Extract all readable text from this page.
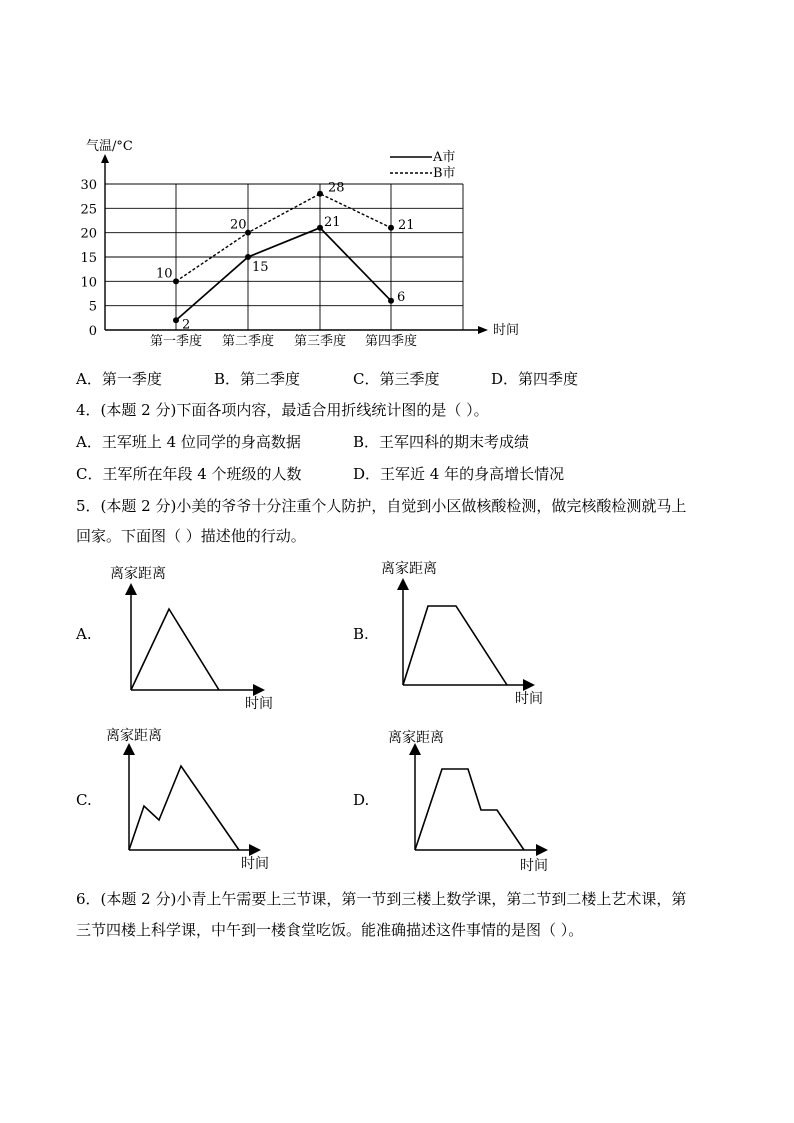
气温/°C
时间
0
5
10
15
20
25
30
第一季度 第二季度 第三季度 第四季度
2
15
21
6
10
20
28
21
A市
B市
A．第一季度	B．第二季度	C．第三季度	D．第四季度
4．(本题 2 分)下面各项内容，最适合用折线统计图的是（ ）。
A．王军班上 4 位同学的身高数据	B．王军四科的期末考成绩
C．王军所在年段 4 个班级的人数	D．王军近 4 年的身高增长情况
5．(本题 2 分)小美的爷爷十分注重个人防护，自觉到小区做核酸检测，做完核酸检测就马上
回家。下面图（ ）描述他的行动。
A.
离家距离
时间
B.
离家距离
时间
C.
离家距离
时间
D.
离家距离
时间
6．(本题 2 分)小青上午需要上三节课，第一节到三楼上数学课，第二节到二楼上艺术课，第
三节四楼上科学课，中午到一楼食堂吃饭。能准确描述这件事情的是图（ ）。
